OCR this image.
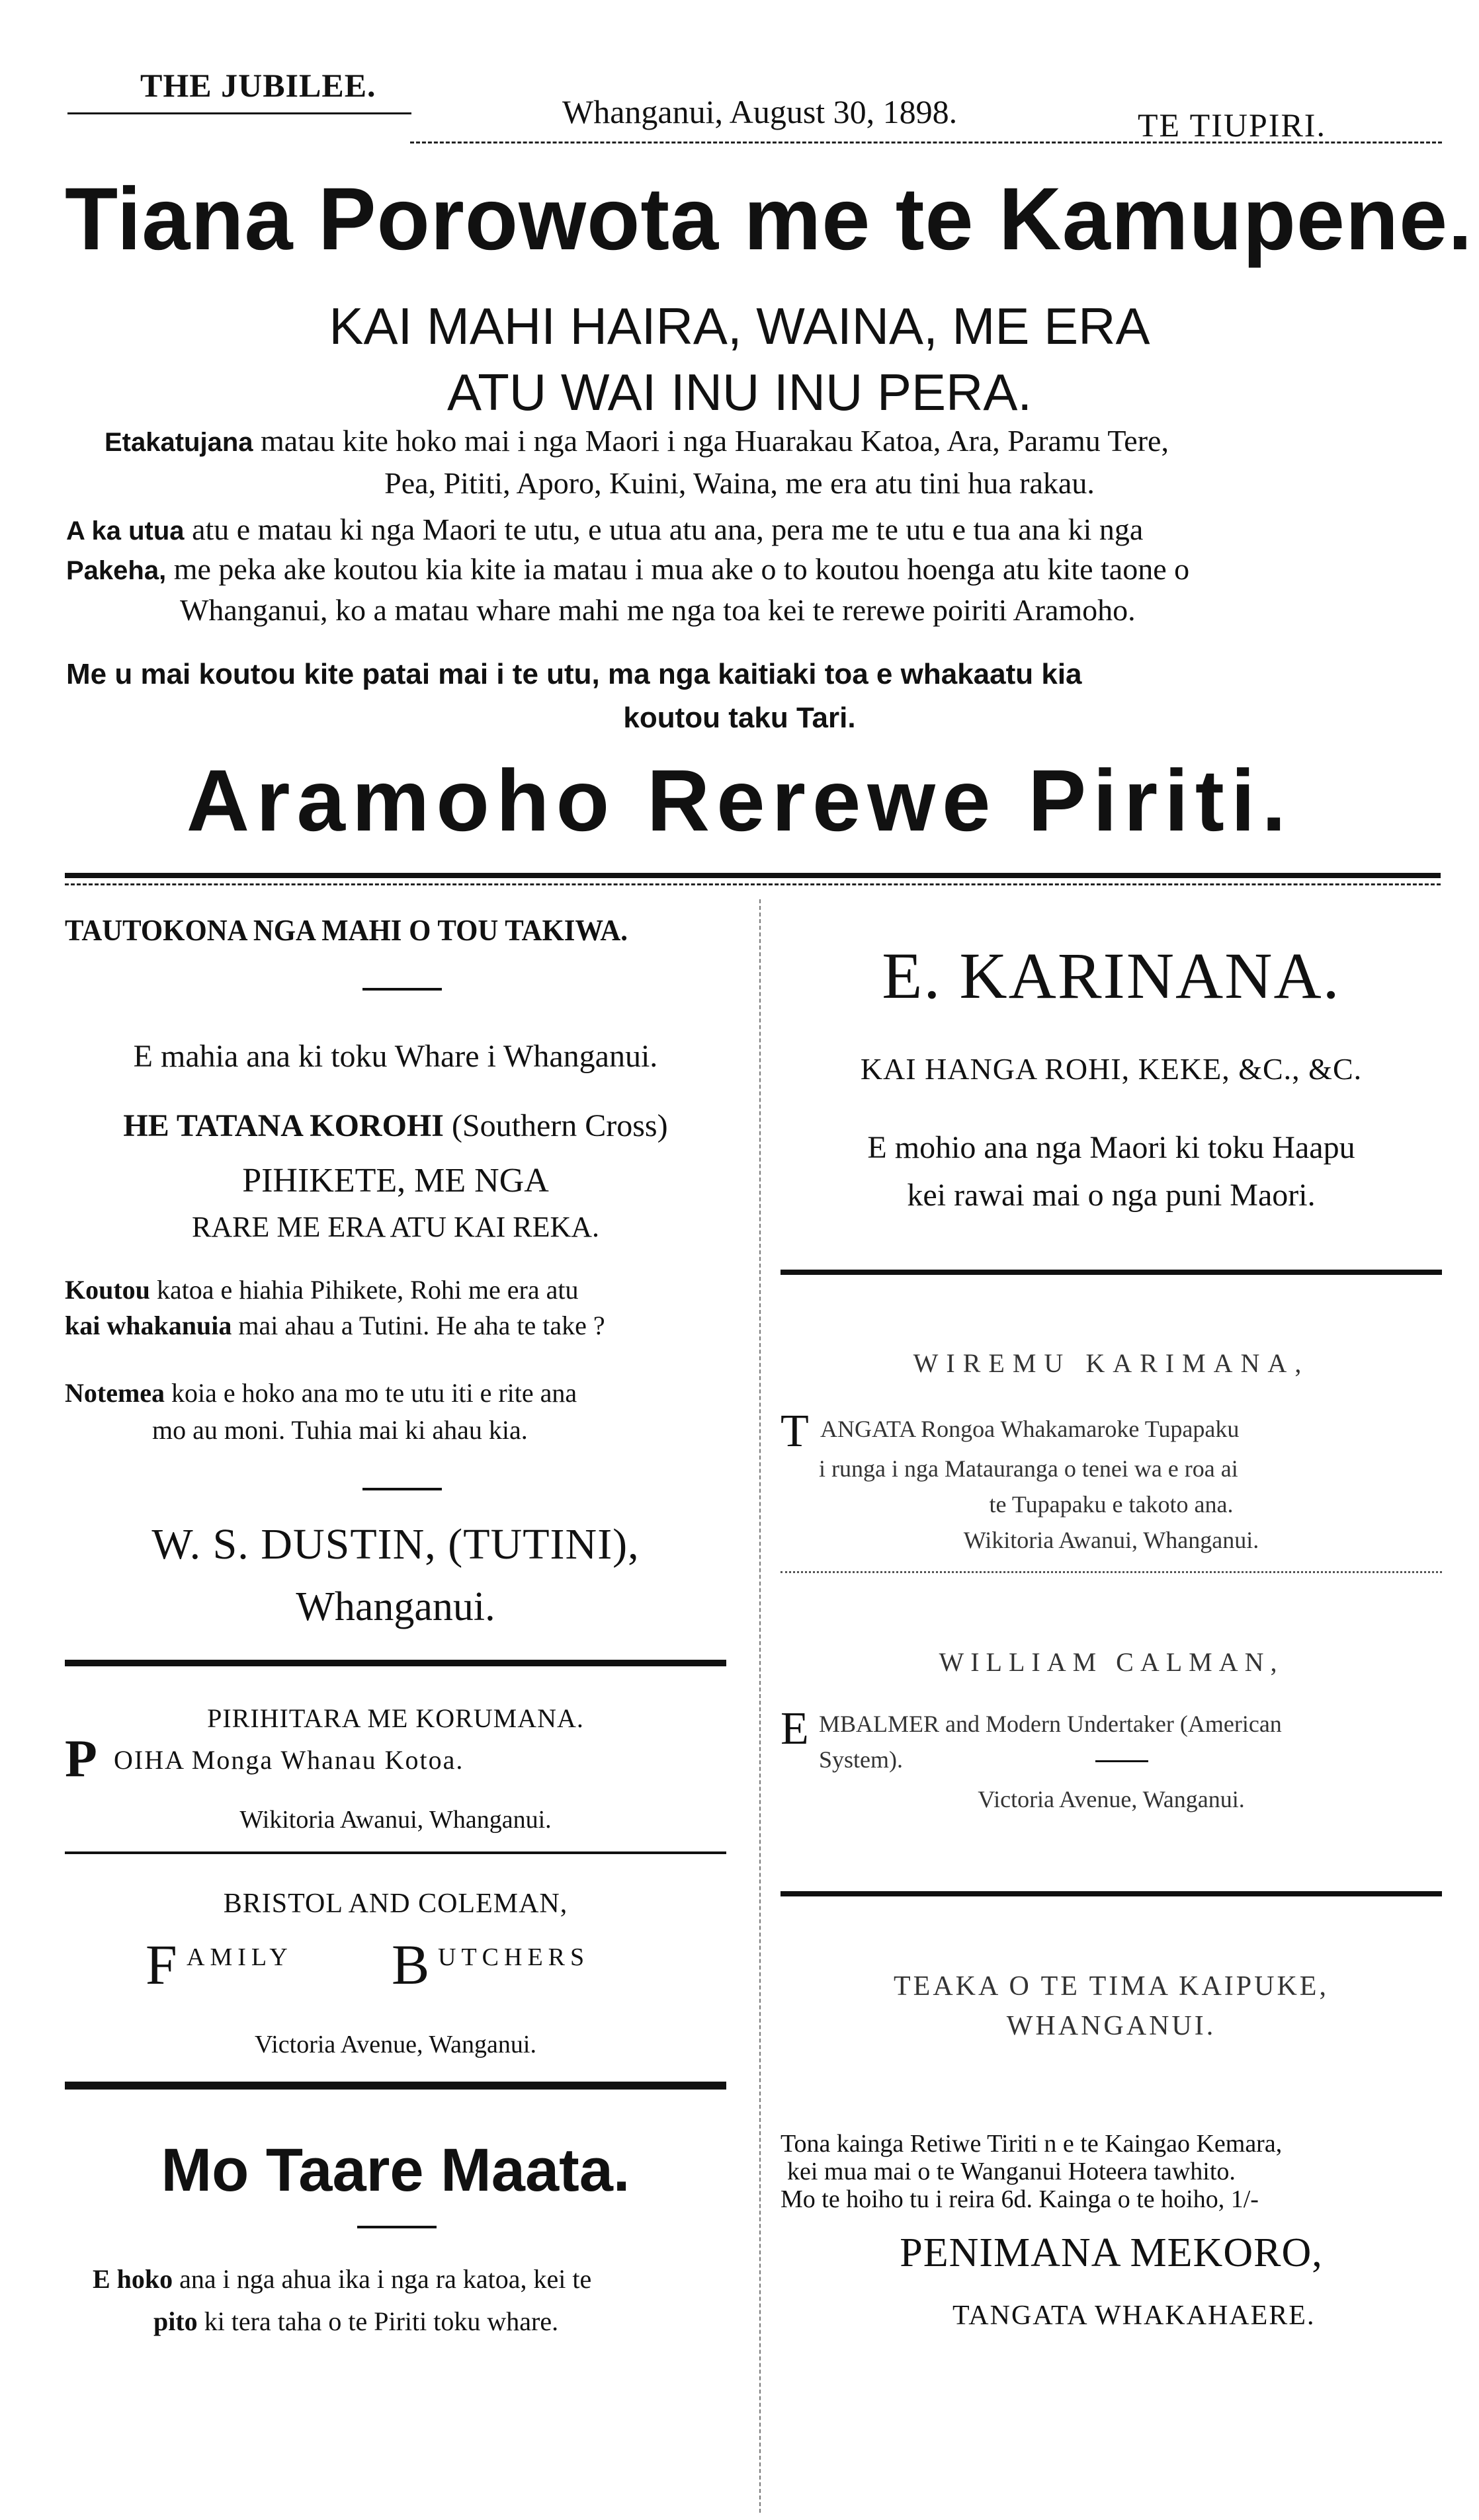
THE JUBILEE.
Whanganui, August 30, 1898.	TE TIUPIRI.
Tiana Porowota me te Kamupene.
KAI MAHI HAIRA, WAINA, ME ERA
ATU WAI INU INU PERA.
Etakatujana matau kite hoko mai i nga Maori i nga Huarakau Katoa, Ara, Paramu Tere,
Pea, Pititi, Aporo, Kuini, Waina, me era atu tini hua rakau.
A ka utua atu e matau ki nga Maori te utu, e utua atu ana, pera me te utu e tua ana ki nga
Pakeha, me peka ake koutou kia kite ia matau i mua ake o to koutou hoenga atu kite taone o
Whanganui, ko a matau whare mahi me nga toa kei te rerewe poiriti Aramoho.
Me u mai koutou kite patai mai i te utu, ma nga kaitiaki toa e whakaatu kia
koutou taku Tari.
Aramoho Rerewe Piriti.
TAUTOKONA NGA MAHI O TOU TAKIWA.
E mahia ana ki toku Whare i Whanganui.
HE TATANA KOROHI (Southern Cross)
PIHIKETE, ME NGA
RARE ME ERA ATU KAI REKA.
Koutou katoa e hiahia Pihikete, Rohi me era atu
kai whakanuia mai ahau a Tutini. He aha te take ?
Notemea koia e hoko ana mo te utu iti e rite ana
mo au moni. Tuhia mai ki ahau kia.
W. S. DUSTIN, (TUTINI),
Whanganui.
PIRIHITARA ME KORUMANA.
P OIHA Monga Whanau Kotoa.
Wikitoria Awanui, Whanganui.
BRISTOL AND COLEMAN,
F AMILY B UTCHERS
Victoria Avenue, Wanganui.
Mo Taare Maata.
E hoko ana i nga ahua ika i nga ra katoa, kei te
pito ki tera taha o te Piriti toku whare.
E. KARINANA.
KAI HANGA ROHI, KEKE, &C., &C.
E mohio ana nga Maori ki toku Haapu
kei rawai mai o nga puni Maori.
WIREMU KARIMANA,
T ANGATA Rongoa Whakamaroke Tupapaku
i runga i nga Matauranga o tenei wa e roa ai
te Tupapaku e takoto ana.
Wikitoria Awanui, Whanganui.
WILLIAM CALMAN,
E MBALMER and Modern Undertaker (American
System).
Victoria Avenue, Wanganui.
TEAKA O TE TIMA KAIPUKE,
WHANGANUI.
Tona kainga Retiwe Tiriti n e te Kaingao Kemara,
kei mua mai o te Wanganui Hoteera tawhito.
Mo te hoiho tu i reira 6d. Kainga o te hoiho, 1/-
PENIMANA MEKORO,
TANGATA WHAKAHAERE.
